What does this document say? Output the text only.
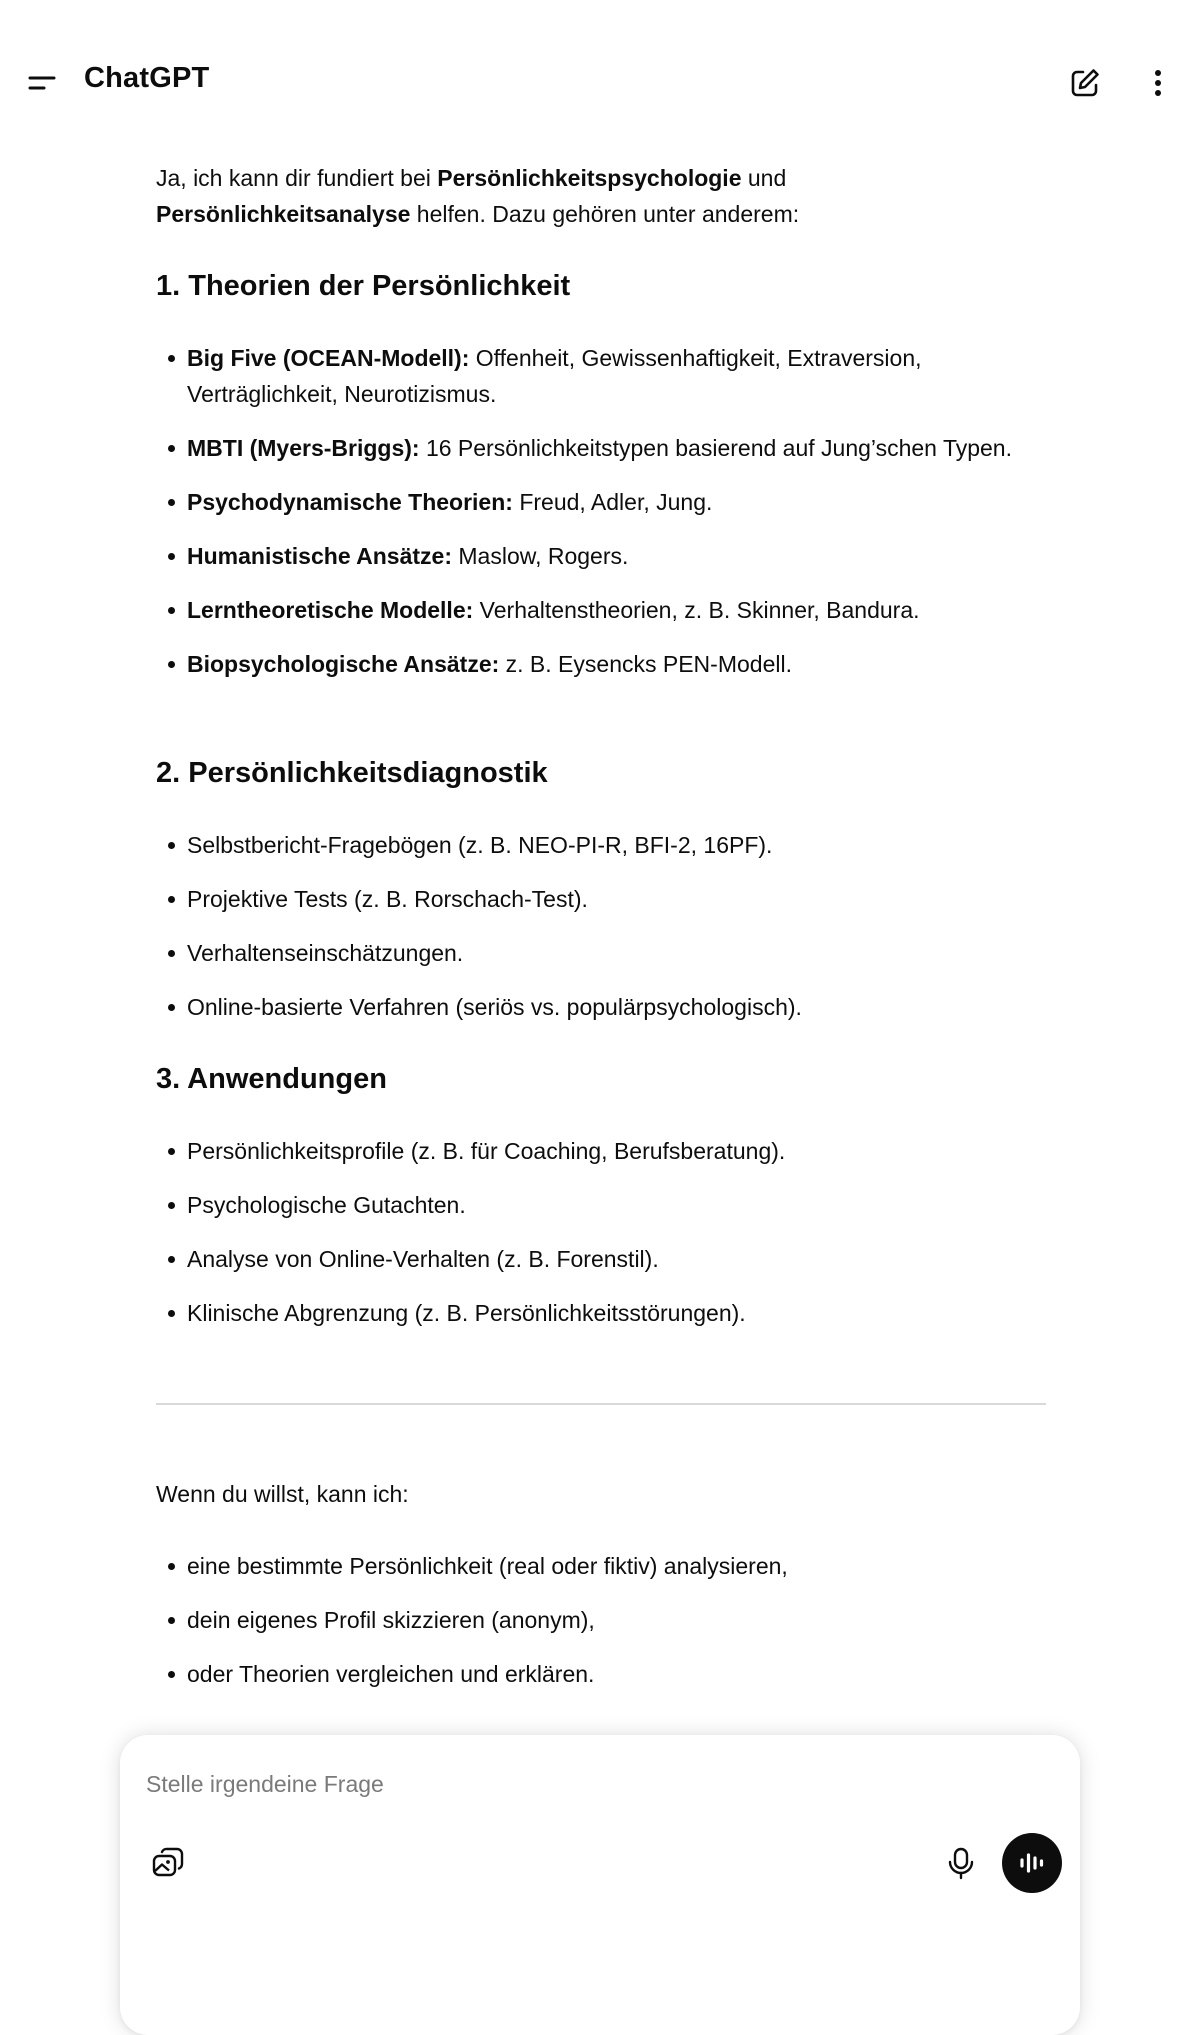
ChatGPT

Ja, ich kann dir fundiert bei Persönlichkeitspsychologie und Persönlichkeitsanalyse helfen. Dazu gehören unter anderem:

1. Theorien der Persönlichkeit
Big Five (OCEAN-Modell): Offenheit, Gewissenhaftigkeit, Extraversion, Verträglichkeit, Neurotizismus.
MBTI (Myers-Briggs): 16 Persönlichkeitstypen basierend auf Jung’schen Typen.
Psychodynamische Theorien: Freud, Adler, Jung.
Humanistische Ansätze: Maslow, Rogers.
Lerntheoretische Modelle: Verhaltenstheorien, z. B. Skinner, Bandura.
Biopsychologische Ansätze: z. B. Eysencks PEN-Modell.
2. Persönlichkeitsdiagnostik
Selbstbericht-Fragebögen (z. B. NEO-PI-R, BFI-2, 16PF).
Projektive Tests (z. B. Rorschach-Test).
Verhaltenseinschätzungen.
Online-basierte Verfahren (seriös vs. populärpsychologisch).
3. Anwendungen
Persönlichkeitsprofile (z. B. für Coaching, Berufsberatung).
Psychologische Gutachten.
Analyse von Online-Verhalten (z. B. Forenstil).
Klinische Abgrenzung (z. B. Persönlichkeitsstörungen).

Wenn du willst, kann ich:

eine bestimmte Persönlichkeit (real oder fiktiv) analysieren,
dein eigenes Profil skizzieren (anonym),
oder Theorien vergleichen und erklären.
Stelle irgendeine Frage
